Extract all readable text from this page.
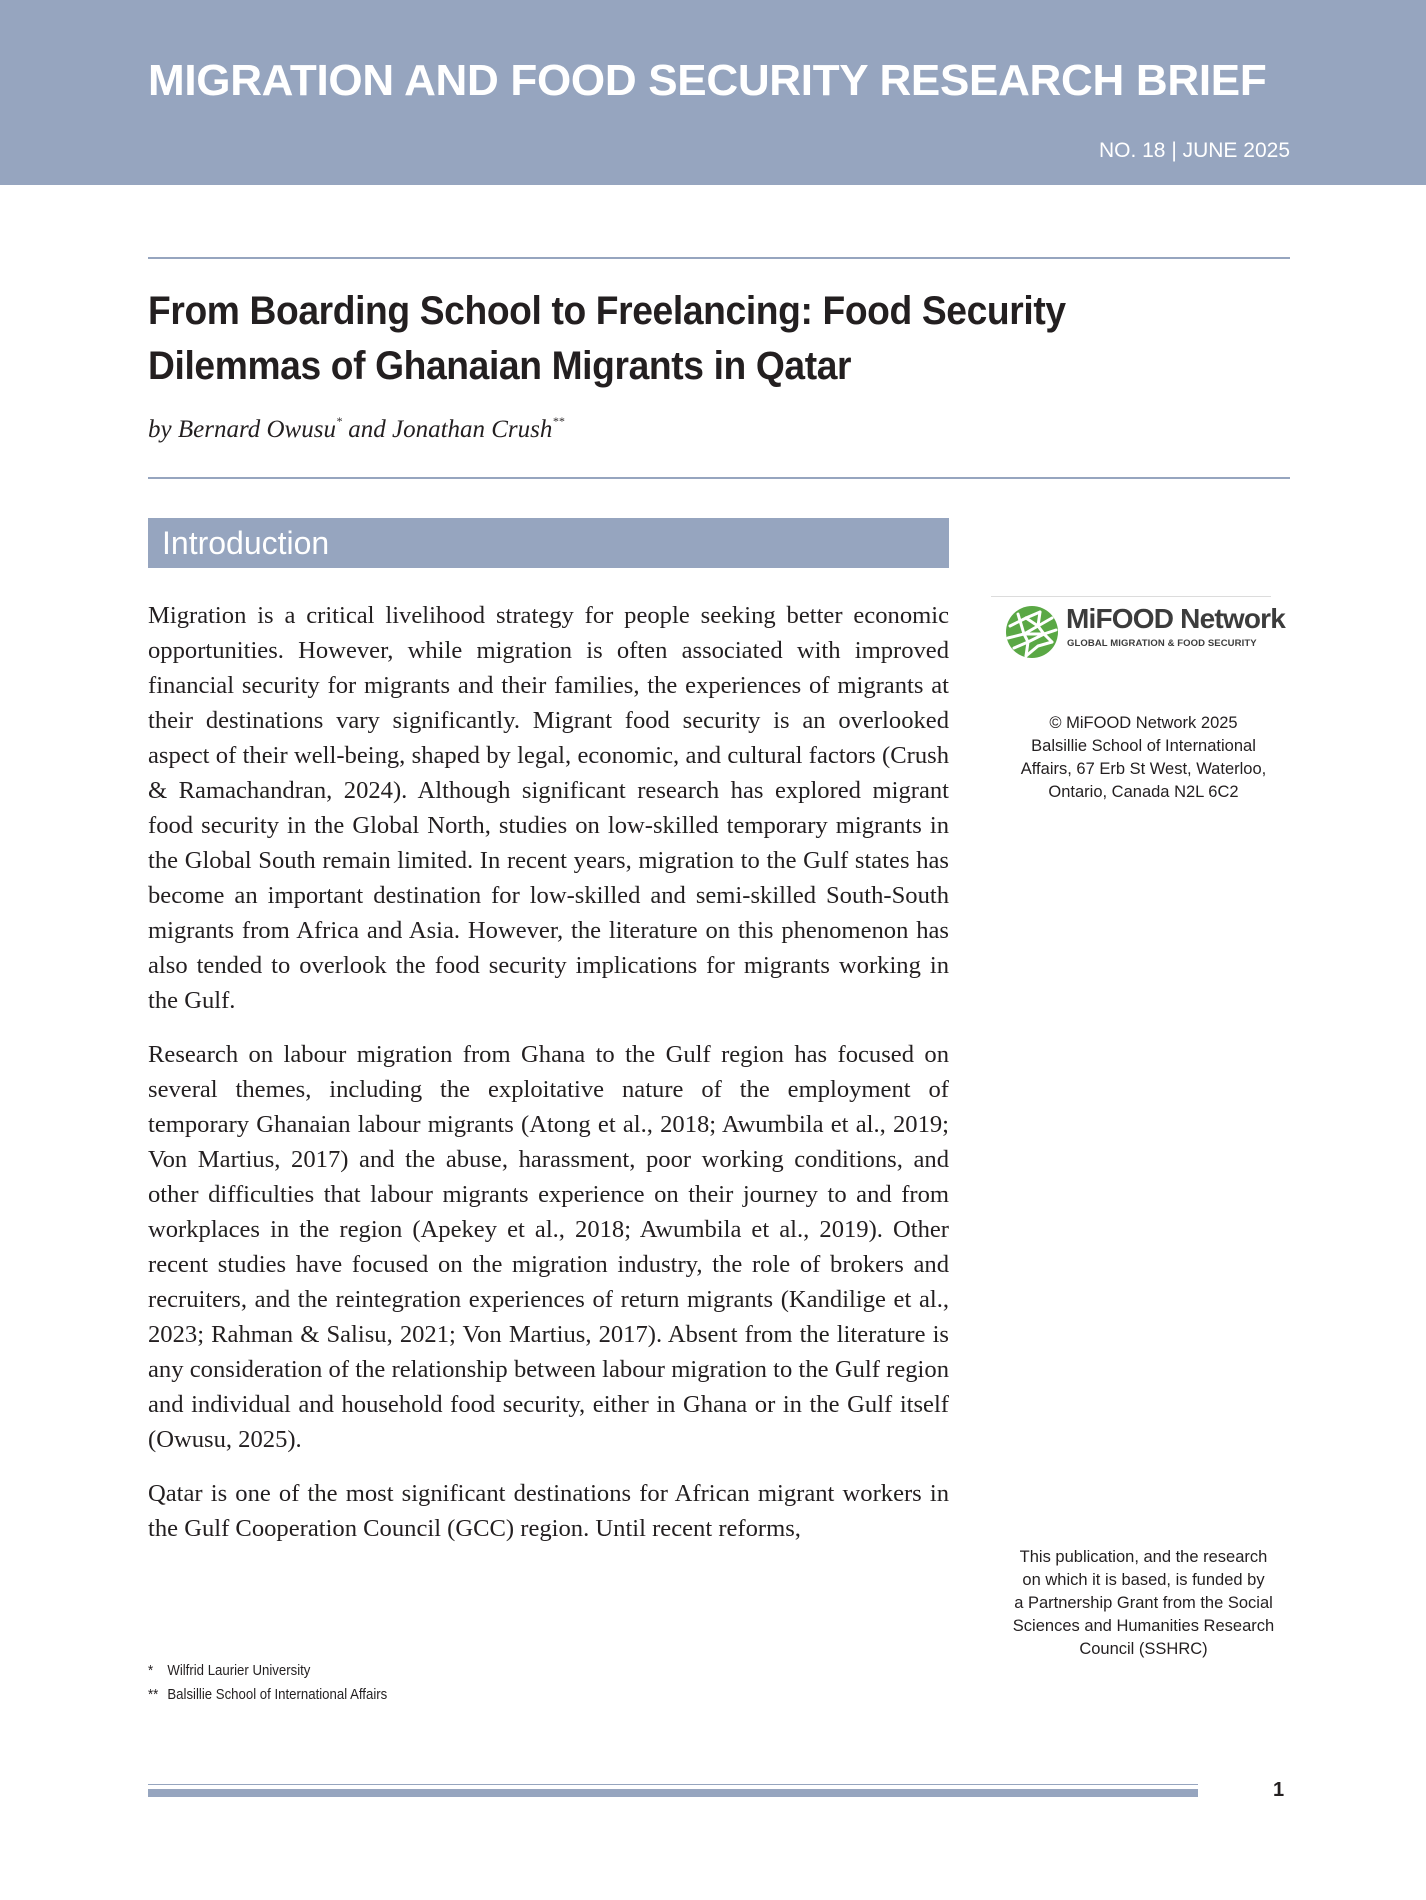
MIGRATION AND FOOD SECURITY RESEARCH BRIEF
NO. 18 | JUNE 2025
From Boarding School to Freelancing: Food Security Dilemmas of Ghanaian Migrants in Qatar
by Bernard Owusu* and Jonathan Crush**
Introduction

Migration is a critical livelihood strategy for people seeking better economic opportunities. However, while migration is often associated with improved financial security for migrants and their families, the experiences of migrants at their destinations vary significantly. Migrant food security is an overlooked aspect of their well-being, shaped by legal, economic, and cultural factors (Crush & Ramachandran, 2024). Although significant research has explored migrant food security in the Global North, studies on low-skilled temporary migrants in the Global South remain limited. In recent years, migration to the Gulf states has become an important destination for low-skilled and semi-skilled South-South migrants from Africa and Asia. However, the literature on this phenomenon has also tended to overlook the food security implications for migrants working in the Gulf.

Research on labour migration from Ghana to the Gulf region has focused on several themes, including the exploitative nature of the employment of temporary Ghanaian labour migrants (Atong et al., 2018; Awumbila et al., 2019; Von Martius, 2017) and the abuse, harassment, poor working conditions, and other difficulties that labour migrants experience on their journey to and from workplaces in the region (Apekey et al., 2018; Awumbila et al., 2019). Other recent studies have focused on the migration industry, the role of brokers and recruiters, and the reintegration experiences of return migrants (Kandilige et al., 2023; Rahman & Salisu, 2021; Von Martius, 2017). Absent from the literature is any consideration of the relationship between labour migration to the Gulf region and individual and household food security, either in Ghana or in the Gulf itself (Owusu, 2025).

Qatar is one of the most significant destinations for African migrant workers in the Gulf Cooperation Council (GCC) region. Until recent reforms,

* Wilfrid Laurier University
** Balsillie School of International Affairs
MiFOOD Network
GLOBAL MIGRATION & FOOD SECURITY
© MiFOOD Network 2025
Balsillie School of International
Affairs, 67 Erb St West, Waterloo,
Ontario, Canada N2L 6C2
This publication, and the research
on which it is based, is funded by
a Partnership Grant from the Social
Sciences and Humanities Research
Council (SSHRC)
1
